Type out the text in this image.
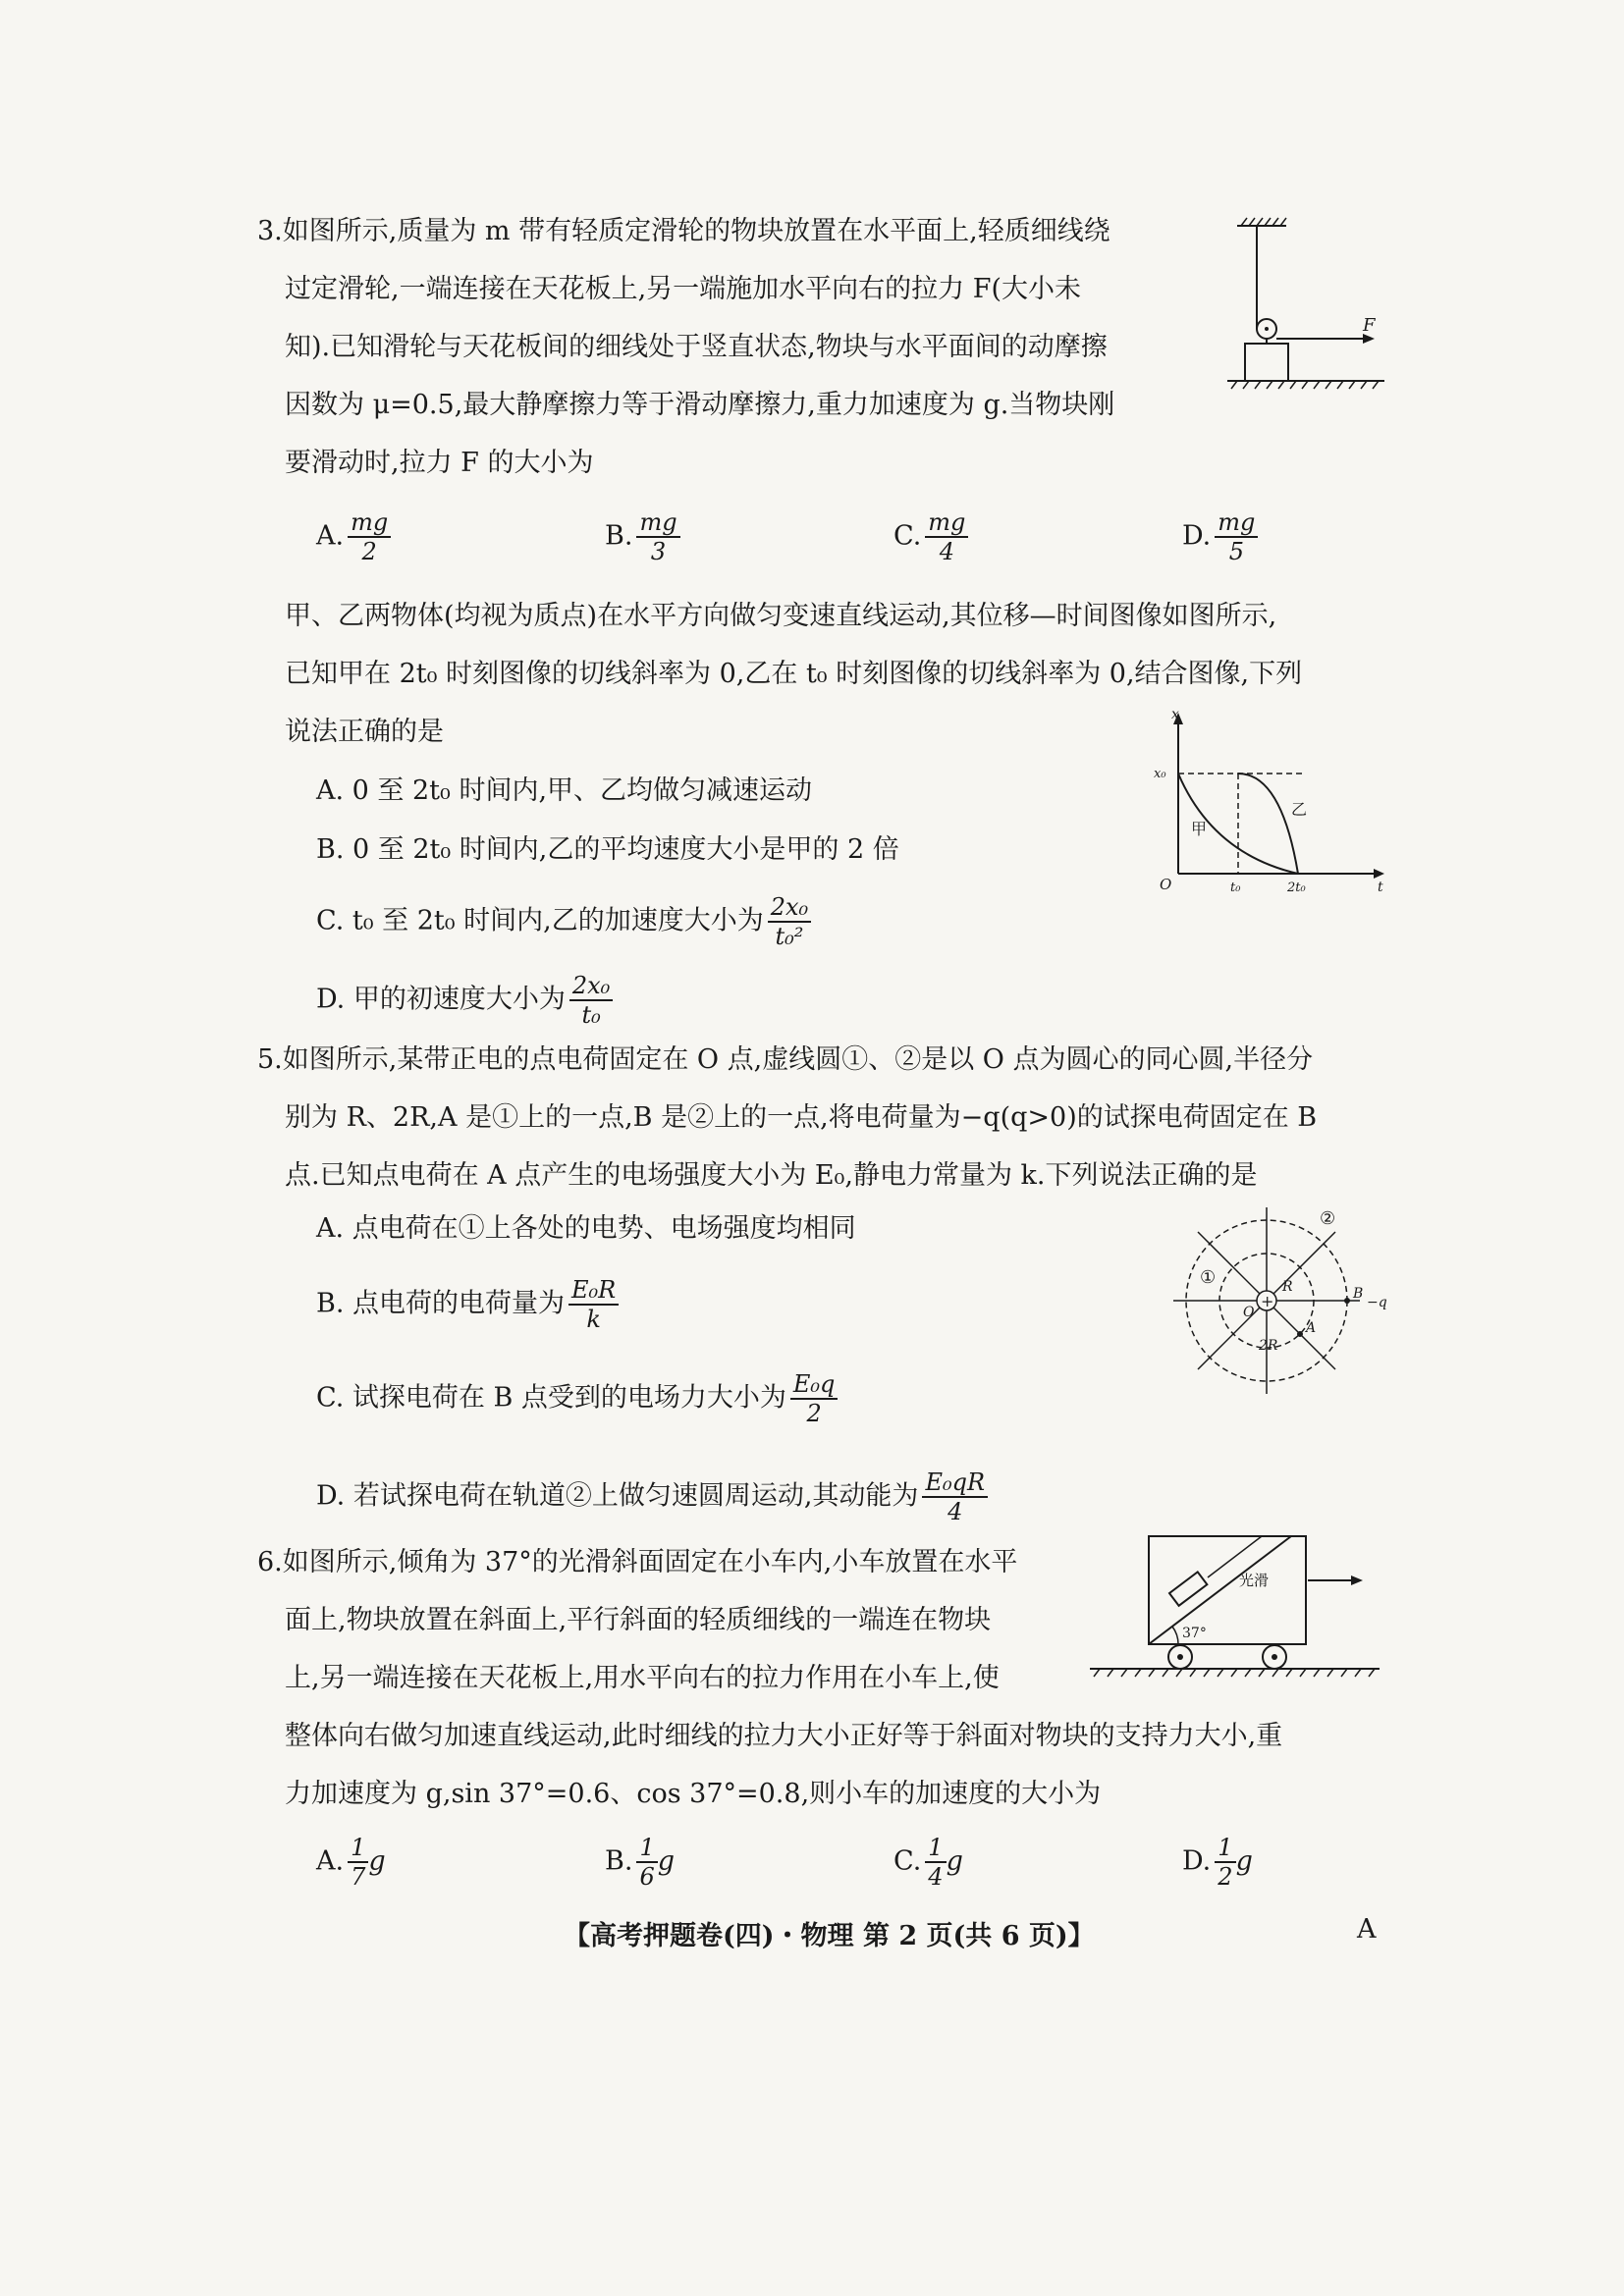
3.如图所示,质量为 m 带有轻质定滑轮的物块放置在水平面上,轻质细线绕
过定滑轮,一端连接在天花板上,另一端施加水平向右的拉力 F(大小未
知).已知滑轮与天花板间的细线处于竖直状态,物块与水平面间的动摩擦
因数为 μ=0.5,最大静摩擦力等于滑动摩擦力,重力加速度为 g.当物块刚
要滑动时,拉力 F 的大小为
F
A. $\frac{mg}{2}$	B. $\frac{mg}{3}$	C. $\frac{mg}{4}$	D. $\frac{mg}{5}$
甲、乙两物体(均视为质点)在水平方向做匀变速直线运动,其位移—时间图像如图所示,
已知甲在 2t₀ 时刻图像的切线斜率为 0,乙在 t₀ 时刻图像的切线斜率为 0,结合图像,下列
说法正确的是
A. 0 至 2t₀ 时间内,甲、乙均做匀减速运动
B. 0 至 2t₀ 时间内,乙的平均速度大小是甲的 2 倍
C. t₀ 至 2t₀ 时间内,乙的加速度大小为 $\frac{\text{2x₀}}{\text{t₀²}}$
D. 甲的初速度大小为 $\frac{\text{2x₀}}{\text{t₀}}$
x
t
O
x₀
t₀	2t₀
甲
乙
5.如图所示,某带正电的点电荷固定在 O 点,虚线圆①、②是以 O 点为圆心的同心圆,半径分
别为 R、2R,A 是①上的一点,B 是②上的一点,将电荷量为−q(q>0)的试探电荷固定在 B
点.已知点电荷在 A 点产生的电场强度大小为 E₀,静电力常量为 k.下列说法正确的是
A. 点电荷在①上各处的电势、电场强度均相同
B. 点电荷的电荷量为 $\frac{\text{E₀R}}{k}$
C. 试探电荷在 B 点受到的电场力大小为 $\frac{\text{E₀q}}{2}$
D. 若试探电荷在轨道②上做匀速圆周运动,其动能为 $\frac{\text{E₀qR}}{4}$
+
②
①
O
R	B
−q
A
2R
6.如图所示,倾角为 37°的光滑斜面固定在小车内,小车放置在水平
面上,物块放置在斜面上,平行斜面的轻质细线的一端连在物块
上,另一端连接在天花板上,用水平向右的拉力作用在小车上,使
整体向右做匀加速直线运动,此时细线的拉力大小正好等于斜面对物块的支持力大小,重
力加速度为 g,sin 37°=0.6、cos 37°=0.8,则小车的加速度的大小为
37°
光滑
A. $\frac{1}{7}$ g	B. $\frac{1}{6}$ g	C. $\frac{1}{4}$ g	D. $\frac{1}{2}$ g
【高考押题卷(四)・物理 第 2 页(共 6 页)】	A
